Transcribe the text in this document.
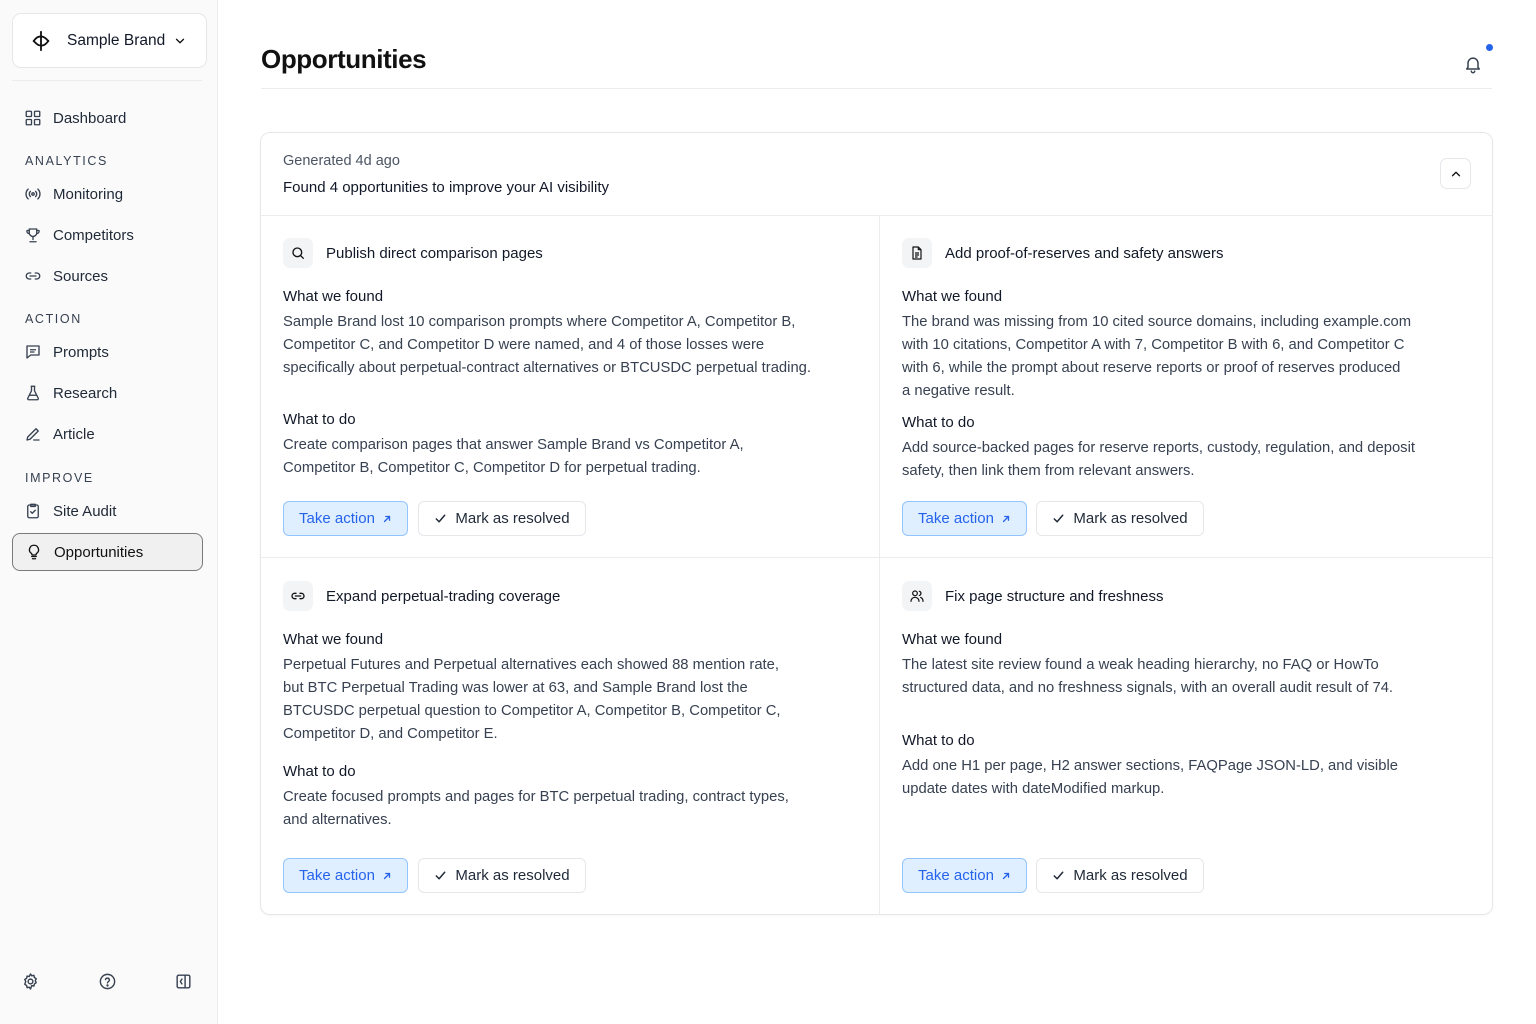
Sample Brand
Dashboard
ANALYTICS
Monitoring
Competitors
Sources
ACTION
Prompts
Research
Article
IMPROVE
Site Audit
Opportunities
Opportunities
Generated 4d ago
Found 4 opportunities to improve your AI visibility
Publish direct comparison pages
What we found
Sample Brand lost 10 comparison prompts where Competitor A, Competitor B,
Competitor C, and Competitor D were named, and 4 of those losses were
specifically about perpetual-contract alternatives or BTCUSDC perpetual trading.
What to do
Create comparison pages that answer Sample Brand vs Competitor A,
Competitor B, Competitor C, Competitor D for perpetual trading.
Take action	Mark as resolved
Add proof-of-reserves and safety answers
What we found
The brand was missing from 10 cited source domains, including example.com
with 10 citations, Competitor A with 7, Competitor B with 6, and Competitor C
with 6, while the prompt about reserve reports or proof of reserves produced
a negative result.
What to do
Add source-backed pages for reserve reports, custody, regulation, and deposit
safety, then link them from relevant answers.
Take action	Mark as resolved
Expand perpetual-trading coverage
What we found
Perpetual Futures and Perpetual alternatives each showed 88 mention rate,
but BTC Perpetual Trading was lower at 63, and Sample Brand lost the
BTCUSDC perpetual question to Competitor A, Competitor B, Competitor C,
Competitor D, and Competitor E.
What to do
Create focused prompts and pages for BTC perpetual trading, contract types,
and alternatives.
Take action	Mark as resolved
Fix page structure and freshness
What we found
The latest site review found a weak heading hierarchy, no FAQ or HowTo
structured data, and no freshness signals, with an overall audit result of 74.
What to do
Add one H1 per page, H2 answer sections, FAQPage JSON-LD, and visible
update dates with dateModified markup.
Take action	Mark as resolved
